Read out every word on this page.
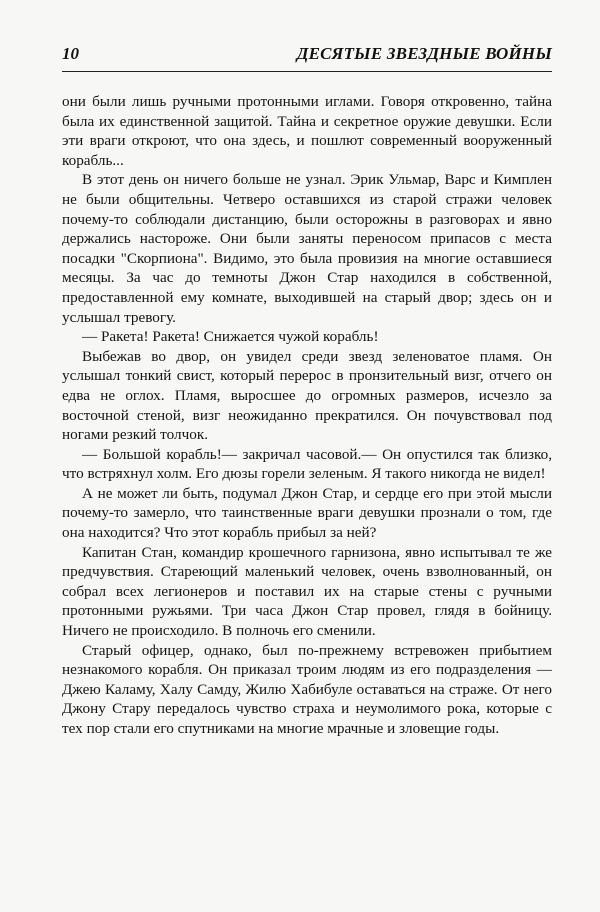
10	ДЕСЯТЫЕ ЗВЕЗДНЫЕ ВОЙНЫ

они были лишь ручными протонными иглами. Говоря откровенно, тайна была их единственной защитой. Тайна и секретное оружие девушки. Если эти враги откроют, что она здесь, и пошлют современный вооруженный корабль...

В этот день он ничего больше не узнал. Эрик Ульмар, Варс и Кимплен не были общительны. Четверо оставшихся из старой стражи человек почему-то соблюдали дистанцию, были осторожны в разговорах и явно держались настороже. Они были заняты переносом припасов с места посадки "Скорпиона". Видимо, это была провизия на многие оставшиеся месяцы. За час до темноты Джон Стар находился в собственной, предоставленной ему комнате, выходившей на старый двор; здесь он и услышал тревогу.

— Ракета! Ракета! Снижается чужой корабль!

Выбежав во двор, он увидел среди звезд зеленоватое пламя. Он услышал тонкий свист, который перерос в пронзительный визг, отчего он едва не оглох. Пламя, выросшее до огромных размеров, исчезло за восточной стеной, визг неожиданно прекратился. Он почувствовал под ногами резкий толчок.

— Большой корабль!— закричал часовой.— Он опустился так близко, что встряхнул холм. Его дюзы горели зеленым. Я такого никогда не видел!

А не может ли быть, подумал Джон Стар, и сердце его при этой мысли почему-то замерло, что таинственные враги девушки прознали о том, где она находится? Что этот корабль прибыл за ней?

Капитан Стан, командир крошечного гарнизона, явно испытывал те же предчувствия. Стареющий маленький человек, очень взволнованный, он собрал всех легионеров и поставил их на старые стены с ручными протонными ружьями. Три часа Джон Стар провел, глядя в бойницу. Ничего не происходило. В полночь его сменили.

Старый офицер, однако, был по-прежнему встревожен прибытием незнакомого корабля. Он приказал троим людям из его подразделения — Джею Каламу, Халу Самду, Жилю Хабибуле оставаться на страже. От него Джону Стару передалось чувство страха и неумолимого рока, которые с тех пор стали его спутниками на многие мрачные и зловещие годы.
